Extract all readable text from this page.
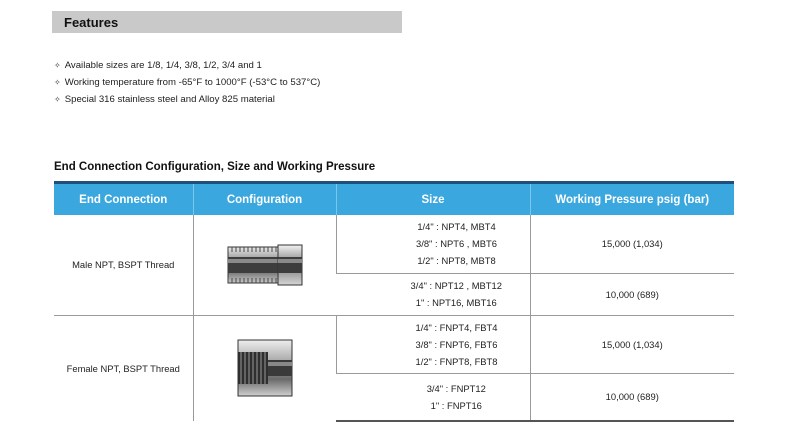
Features
✧ Available sizes are 1/8, 1/4, 3/8, 1/2, 3/4 and 1
✧ Working temperature from -65°F to 1000°F (-53°C to 537°C)
✧ Special 316 stainless steel and Alloy 825 material
End Connection Configuration, Size and Working Pressure
End Connection	Configuration	Size	Working Pressure psig (bar)
Male NPT, BSPT Thread		1/4" : NPT4, MBT4
3/8" : NPT6 , MBT6
1/2" : NPT8, MBT8	15,000 (1,034)

		3/4" : NPT12 , MBT12
1" : NPT16, MBT16	10,000 (689)
Female NPT, BSPT Thread		1/4" : FNPT4, FBT4
3/8" : FNPT6, FBT6
1/2" : FNPT8, FBT8	15,000 (1,034)

		3/4" : FNPT12
1" : FNPT16	10,000 (689)
